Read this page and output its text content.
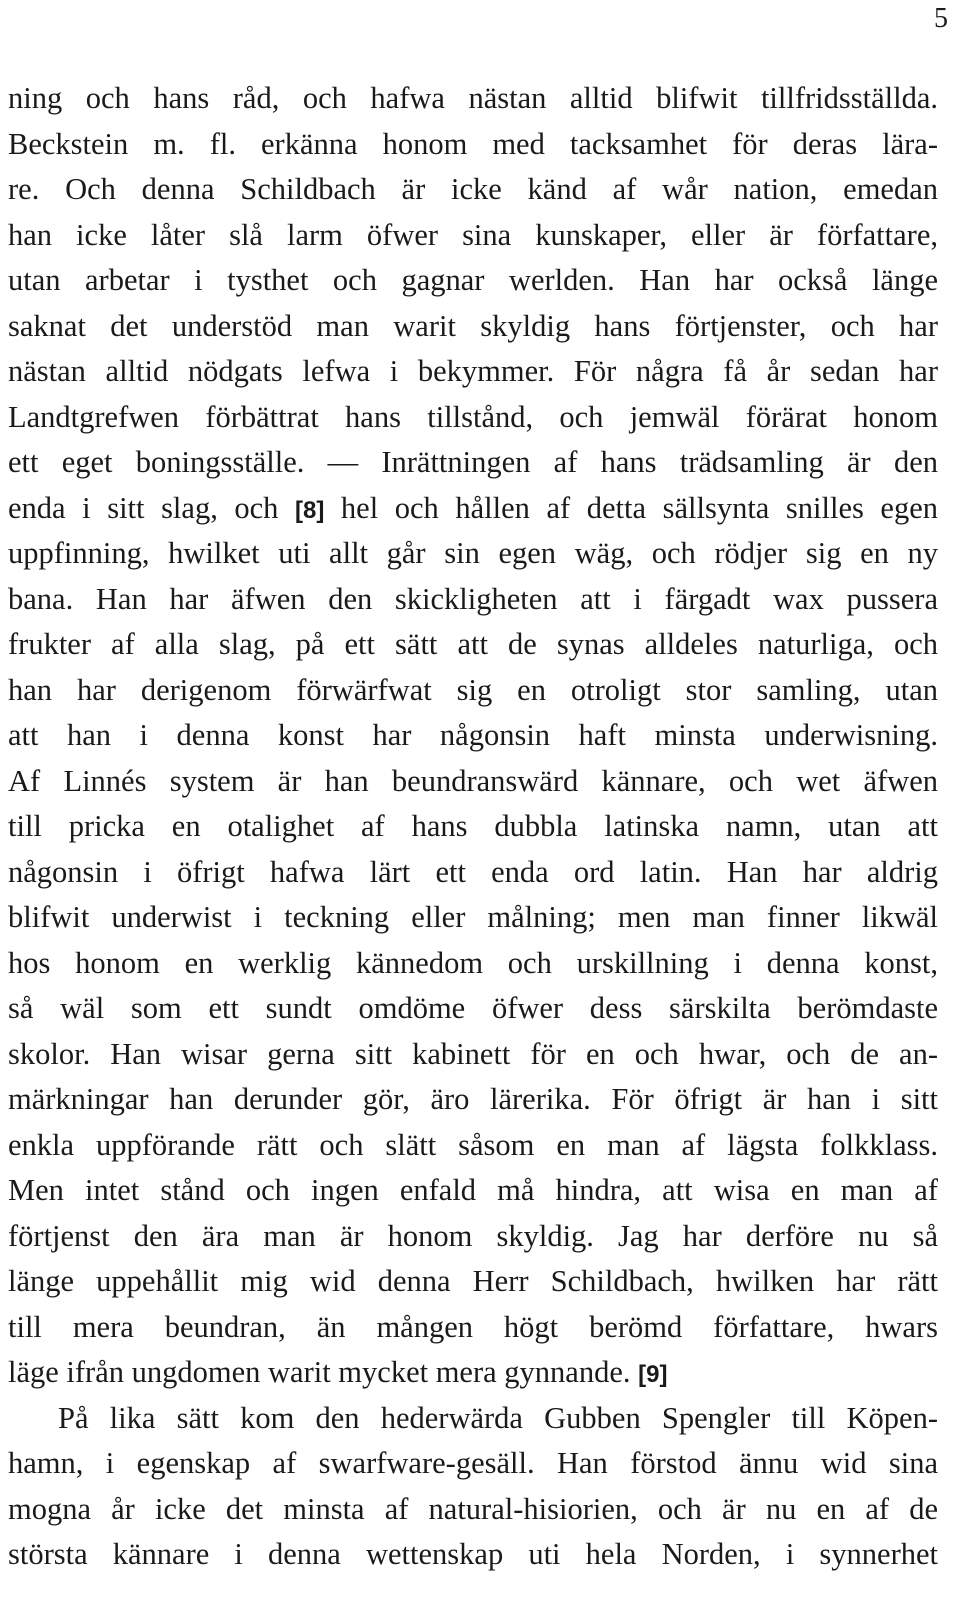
5
ning och hans råd, och hafwa nästan alltid blifwit tillfridsställda.
Beckstein m. fl. erkänna honom med tacksamhet för deras lära-
re. Och denna Schildbach är icke känd af wår nation, emedan
han icke låter slå larm öfwer sina kunskaper, eller är författare,
utan arbetar i tysthet och gagnar werlden. Han har också länge
saknat det understöd man warit skyldig hans förtjenster, och har
nästan alltid nödgats lefwa i bekymmer. För några få år sedan har
Landtgrefwen förbättrat hans tillstånd, och jemwäl förärat honom
ett eget boningsställe. — Inrättningen af hans trädsamling är den
enda i sitt slag, och [8] hel och hållen af detta sällsynta snilles egen
uppfinning, hwilket uti allt går sin egen wäg, och rödjer sig en ny
bana. Han har äfwen den skickligheten att i färgadt wax pussera
frukter af alla slag, på ett sätt att de synas alldeles naturliga, och
han har derigenom förwärfwat sig en otroligt stor samling, utan
att han i denna konst har någonsin haft minsta underwisning.
Af Linnés system är han beundranswärd kännare, och wet äfwen
till pricka en otalighet af hans dubbla latinska namn, utan att
någonsin i öfrigt hafwa lärt ett enda ord latin. Han har aldrig
blifwit underwist i teckning eller målning; men man finner likwäl
hos honom en werklig kännedom och urskillning i denna konst,
så wäl som ett sundt omdöme öfwer dess särskilta berömdaste
skolor. Han wisar gerna sitt kabinett för en och hwar, och de an-
märkningar han derunder gör, äro lärerika. För öfrigt är han i sitt
enkla uppförande rätt och slätt såsom en man af lägsta folkklass.
Men intet stånd och ingen enfald må hindra, att wisa en man af
förtjenst den ära man är honom skyldig. Jag har derföre nu så
länge uppehållit mig wid denna Herr Schildbach, hwilken har rätt
till mera beundran, än mången högt berömd författare, hwars
läge ifrån ungdomen warit mycket mera gynnande. [9]
På lika sätt kom den hederwärda Gubben Spengler till Köpen-
hamn, i egenskap af swarfware-gesäll. Han förstod ännu wid sina
mogna år icke det minsta af natural-hisiorien, och är nu en af de
största kännare i denna wettenskap uti hela Norden, i synnerhet
